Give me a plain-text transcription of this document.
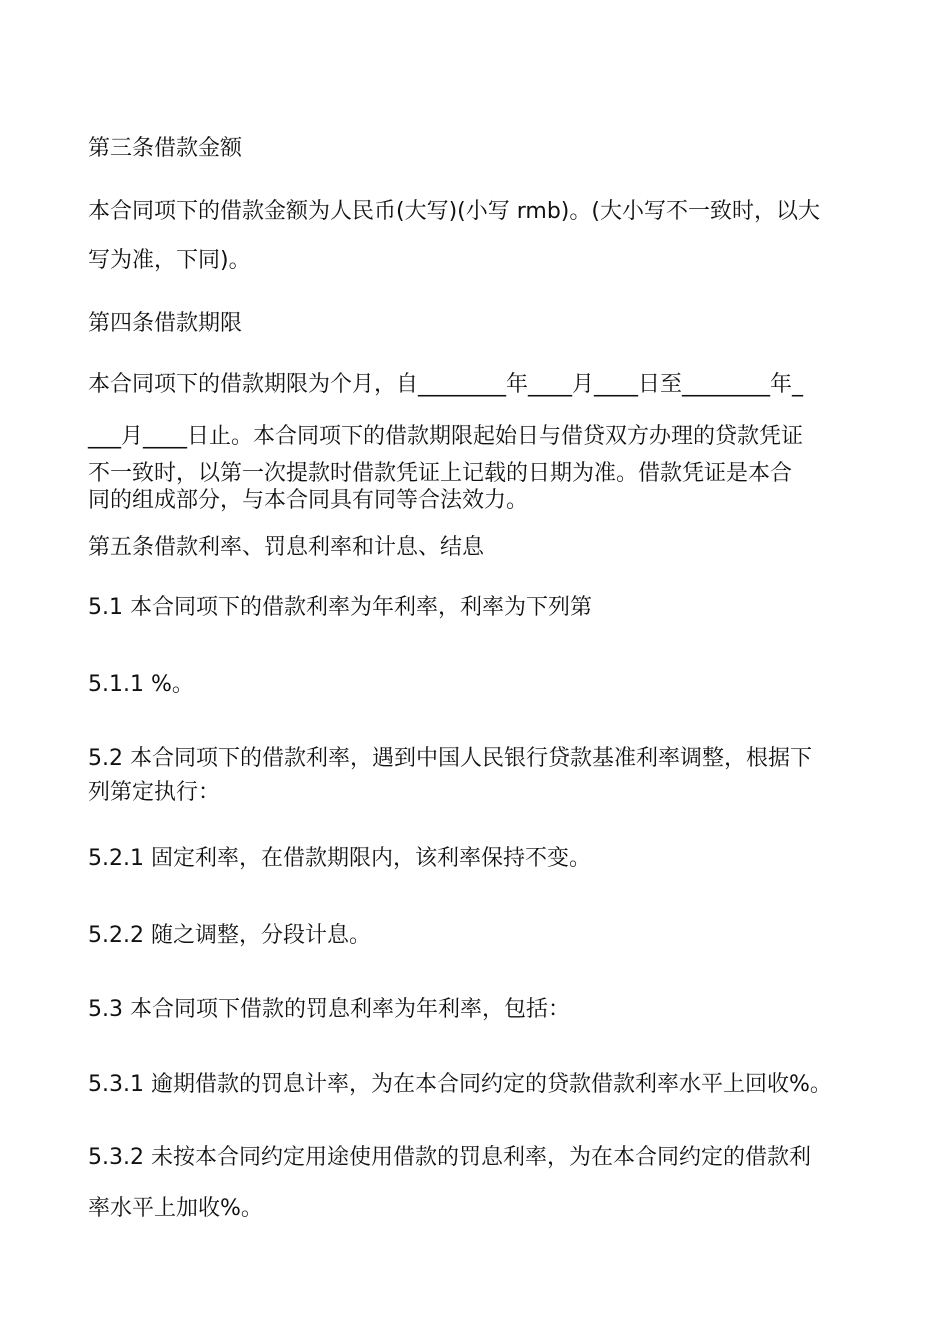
第三条借款金额
本合同项下的借款金额为人民币(大写)(小写 rmb)。(大小写不一致时，以大
写为准，下同)。
第四条借款期限
本合同项下的借款期限为个月，自________年____月____日至________年_
___月____日止。本合同项下的借款期限起始日与借贷双方办理的贷款凭证
不一致时，以第一次提款时借款凭证上记载的日期为准。借款凭证是本合
同的组成部分，与本合同具有同等合法效力。
第五条借款利率、罚息利率和计息、结息
5.1 本合同项下的借款利率为年利率，利率为下列第
5.1.1 %。
5.2 本合同项下的借款利率，遇到中国人民银行贷款基准利率调整，根据下
列第定执行：
5.2.1 固定利率，在借款期限内，该利率保持不变。
5.2.2 随之调整，分段计息。
5.3 本合同项下借款的罚息利率为年利率，包括：
5.3.1 逾期借款的罚息计率，为在本合同约定的贷款借款利率水平上回收%。
5.3.2 未按本合同约定用途使用借款的罚息利率，为在本合同约定的借款利
率水平上加收%。
